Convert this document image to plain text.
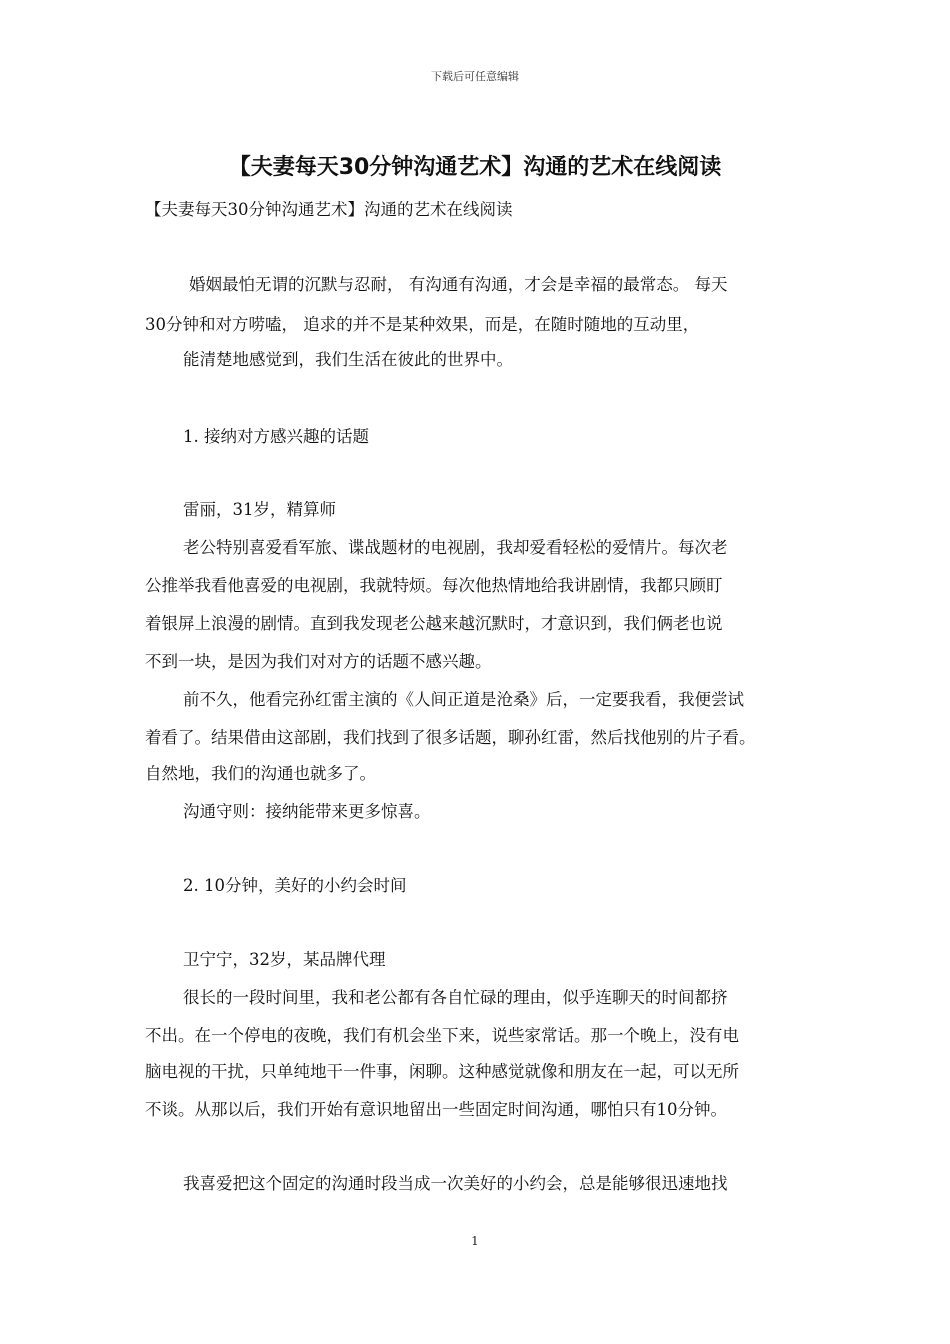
下载后可任意编辑
【夫妻每天30分钟沟通艺术】沟通的艺术在线阅读
【夫妻每天30分钟沟通艺术】沟通的艺术在线阅读
婚姻最怕无谓的沉默与忍耐， 有沟通有沟通，才会是幸福的最常态。 每天
30分钟和对方唠嗑， 追求的并不是某种效果，而是，在随时随地的互动里，
能清楚地感觉到，我们生活在彼此的世界中。
1. 接纳对方感兴趣的话题
雷丽，31岁，精算师
老公特别喜爱看军旅、谍战题材的电视剧，我却爱看轻松的爱情片。每次老
公推举我看他喜爱的电视剧，我就特烦。每次他热情地给我讲剧情，我都只顾盯
着银屏上浪漫的剧情。直到我发现老公越来越沉默时，才意识到，我们俩老也说
不到一块，是因为我们对对方的话题不感兴趣。
前不久，他看完孙红雷主演的《人间正道是沧桑》后，一定要我看，我便尝试
着看了。结果借由这部剧，我们找到了很多话题，聊孙红雷，然后找他别的片子看。
自然地，我们的沟通也就多了。
沟通守则：接纳能带来更多惊喜。
2. 10分钟，美好的小约会时间
卫宁宁，32岁，某品牌代理
很长的一段时间里，我和老公都有各自忙碌的理由，似乎连聊天的时间都挤
不出。在一个停电的夜晚，我们有机会坐下来，说些家常话。那一个晚上，没有电
脑电视的干扰，只单纯地干一件事，闲聊。这种感觉就像和朋友在一起，可以无所
不谈。从那以后，我们开始有意识地留出一些固定时间沟通，哪怕只有10分钟。
我喜爱把这个固定的沟通时段当成一次美好的小约会，总是能够很迅速地找
1
